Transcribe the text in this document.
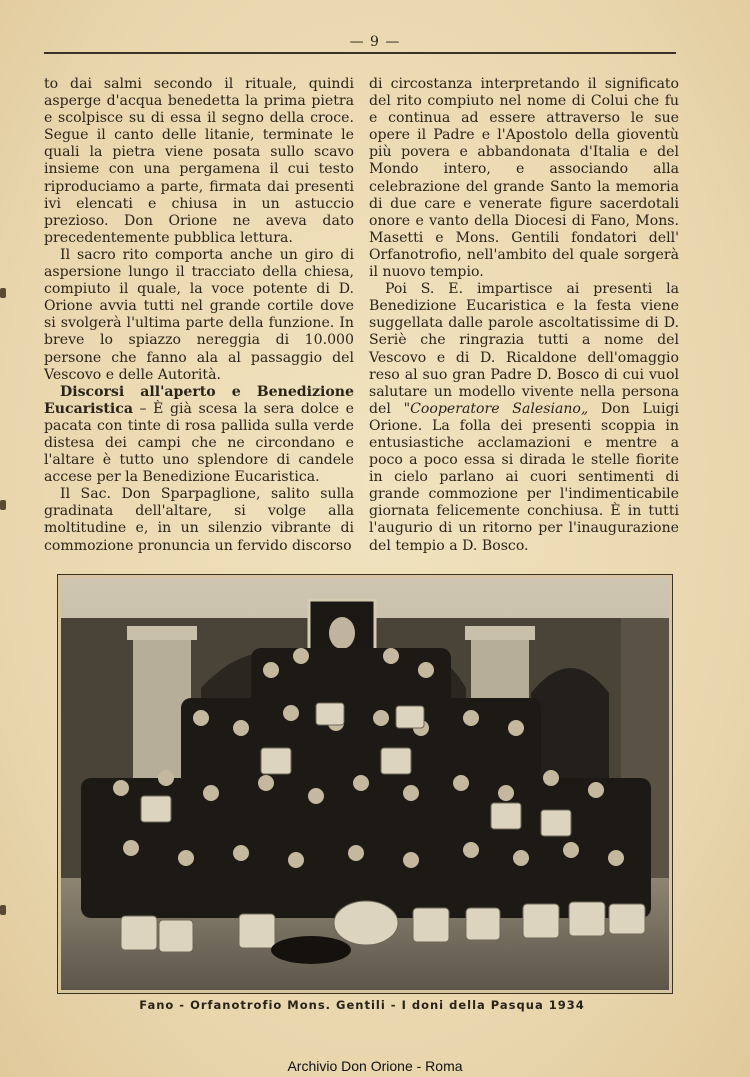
— 9 —

to dai salmi secondo il rituale, quindi asperge d'acqua benedetta la prima pietra e scolpisce su di essa il segno della croce. Segue il canto delle litanie, terminate le quali la pietra viene posata sullo scavo insieme con una pergamena il cui testo riproduciamo a parte, firmata dai presenti ivi elencati e chiusa in un astuccio prezioso. Don Orione ne aveva dato precedentemente pubblica lettura.

Il sacro rito comporta anche un giro di aspersione lungo il tracciato della chiesa, compiuto il quale, la voce potente di D. Orione avvia tutti nel grande cortile dove si svolgerà l'ultima parte della funzione. In breve lo spiazzo nereggia di 10.000 persone che fanno ala al passaggio del Vescovo e delle Autorità.

Discorsi all'aperto e Benedizione Eucaristica – È già scesa la sera dolce e pacata con tinte di rosa pallida sulla verde distesa dei campi che ne circondano e l'altare è tutto uno splendore di candele accese per la Benedizione Eucaristica.

Il Sac. Don Sparpaglione, salito sulla gradinata dell'altare, si volge alla moltitudine e, in un silenzio vibrante di commozione pronuncia un fervido discorso

di circostanza interpretando il significato del rito compiuto nel nome di Colui che fu e continua ad essere attraverso le sue opere il Padre e l'Apostolo della gioventù più povera e abbandonata d'Italia e del Mondo intero, e associando alla celebrazione del grande Santo la memoria di due care e venerate figure sacerdotali onore e vanto della Diocesi di Fano, Mons. Masetti e Mons. Gentili fondatori dell' Orfanotrofio, nell'ambito del quale sorgerà il nuovo tempio.

Poi S. E. impartisce ai presenti la Benedizione Eucaristica e la festa viene suggellata dalle parole ascoltatissime di D. Seriè che ringrazia tutti a nome del Vescovo e di D. Ricaldone dell'omaggio reso al suo gran Padre D. Bosco di cui vuol salutare un modello vivente nella persona del "Cooperatore Salesiano„ Don Luigi Orione. La folla dei presenti scoppia in entusiastiche acclamazioni e mentre a poco a poco essa si dirada le stelle fiorite in cielo parlano ai cuori sentimenti di grande commozione per l'indimenticabile giornata felicemente conchiusa. È in tutti l'augurio di un ritorno per l'inaugurazione del tempio a D. Bosco.

Fano - Orfanotrofio Mons. Gentili - I doni della Pasqua 1934
Archivio Don Orione - Roma
